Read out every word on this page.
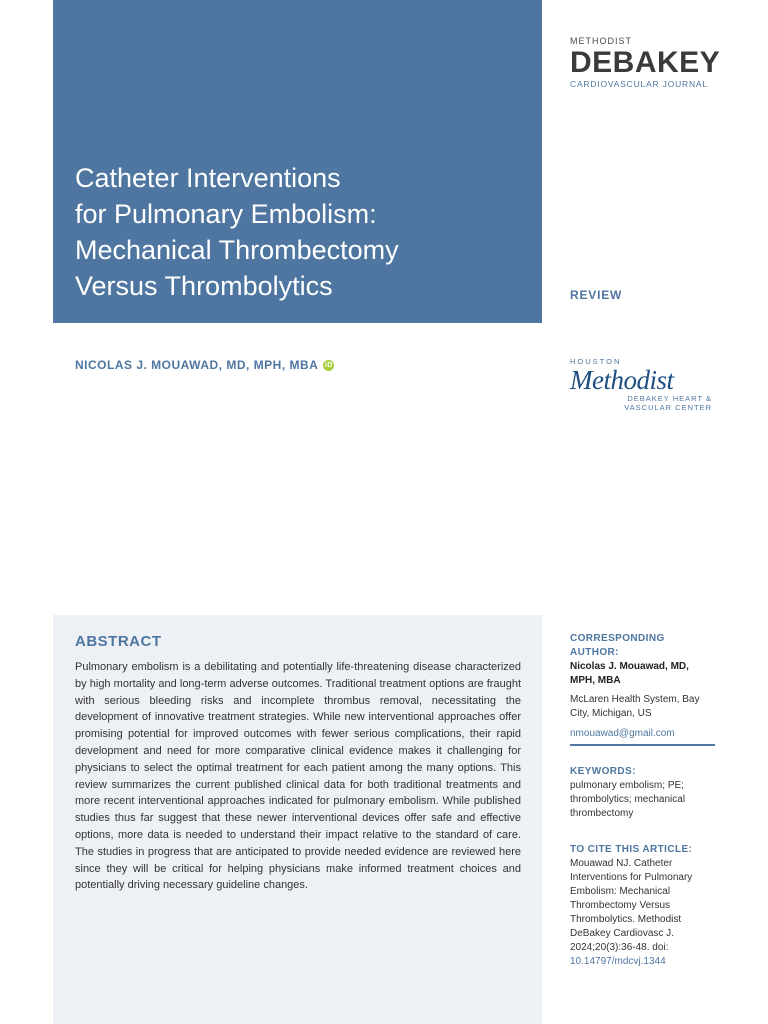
Catheter Interventions
for Pulmonary Embolism:
Mechanical Thrombectomy
Versus Thrombolytics
METHODIST
DEBAKEY
CARDIOVASCULAR JOURNAL
REVIEW
NICOLAS J. MOUAWAD, MD, MPH, MBA iD	HOUSTON
Methodist
DEBAKEY HEART &
VASCULAR CENTER
ABSTRACT

Pulmonary embolism is a debilitating and potentially life-threatening disease characterized by high mortality and long-term adverse outcomes. Traditional treatment options are fraught with serious bleeding risks and incomplete thrombus removal, necessitating the development of innovative treatment strategies. While new interventional approaches offer promising potential for improved outcomes with fewer serious complications, their rapid development and need for more comparative clinical evidence makes it challenging for physicians to select the optimal treatment for each patient among the many options. This review summarizes the current published clinical data for both traditional treatments and more recent interventional approaches indicated for pulmonary embolism. While published studies thus far suggest that these newer interventional devices offer safe and effective options, more data is needed to understand their impact relative to the standard of care. The studies in progress that are anticipated to provide needed evidence are reviewed here since they will be critical for helping physicians make informed treatment choices and potentially driving necessary guideline changes.

CORRESPONDING AUTHOR:
Nicolas J. Mouawad, MD, MPH, MBA
McLaren Health System, Bay City, Michigan, US
nmouawad@gmail.com
KEYWORDS:
pulmonary embolism; PE; thrombolytics; mechanical thrombectomy
TO CITE THIS ARTICLE:
Mouawad NJ. Catheter Interventions for Pulmonary Embolism: Mechanical Thrombectomy Versus Thrombolytics. Methodist DeBakey Cardiovasc J. 2024;20(3):36-48. doi:
10.14797/mdcvj.1344
